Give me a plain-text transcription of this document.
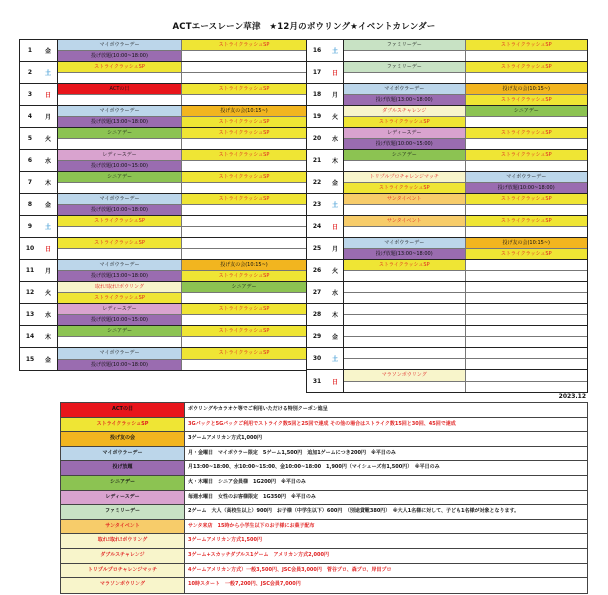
ACTエースレーン草津　★12月のボウリング★イベントカレンダー
1	金
マイボウラーデー	ストライクラッシュSP
投げ放題(10:00~18:00)
2	土
ストライクラッシュSP
3	日
ACTの日	ストライクラッシュSP
4	月
マイボウラーデー	投げ友の会(10:15~)
投げ放題(13:00~18:00)	ストライクラッシュSP
5	火
シニアデー	ストライクラッシュSP
6	水
レディースデー	ストライクラッシュSP
投げ放題(10:00~15:00)
7	木
シニアデー	ストライクラッシュSP
8	金
マイボウラーデー	ストライクラッシュSP
投げ放題(10:00~18:00)
9	土
ストライクラッシュSP
10	日
ストライクラッシュSP
11	月
マイボウラーデー	投げ友の会(10:15~)
投げ放題(13:00~18:00)	ストライクラッシュSP
12	火
取れ!取れ!ボウリング	シニアデー
ストライクラッシュSP
13	水
レディースデー	ストライクラッシュSP
投げ放題(10:00~15:00)
14	木
シニアデー	ストライクラッシュSP
15	金
マイボウラーデー	ストライクラッシュSP
投げ放題(10:00~18:00)
16	土
ファミリーデー	ストライクラッシュSP
17	日
ファミリーデー	ストライクラッシュSP
18	月
マイボウラーデー	投げ友の会(10:15~)
投げ放題(13:00~18:00)	ストライクラッシュSP
19	火
ダブルスチャレンジ	シニアデー
ストライクラッシュSP
20	水
レディースデー	ストライクラッシュSP
投げ放題(10:00~15:00)
21	木
シニアデー	ストライクラッシュSP
22	金
トリプルプロチャレンジマッチ	マイボウラーデー
ストライクラッシュSP	投げ放題(10:00~18:00)
23	土
サンタイベント	ストライクラッシュSP
24	日
サンタイベント	ストライクラッシュSP
25	月
マイボウラーデー	投げ友の会(10:15~)
投げ放題(13:00~18:00)	ストライクラッシュSP
26	火
ストライクラッシュSP
27	水
28	木
29	金
30	土
31	日
マラソンボウリング
2023.12
ACTの日	ボウリングやカラオケ等でご利用いただける特別クーポン進呈
ストライクラッシュSP	3Gパックと5Gパックご利用でストライク数5回と25回で達成 その他の場合はストライク数15回と30回、45回で達成
投げ友の会	3ゲームアメリカン方式1,000円
マイボウラーデー	月・金曜日　マイボウラー限定　5ゲーム1,500円　追加1ゲームにつき200円　※平日のみ
投げ放題	月13:00~18:00、水10:00~15:00、金10:00~18:00　1,900円（マイシューズ有1,500円）　※平日のみ
シニアデー	火・木曜日　シニア会員様　1G200円　※平日のみ
レディースデー	毎週水曜日　女性のお客様限定　1G350円　※平日のみ
ファミリーデー	2ゲーム　大人（高校生以上）900円　お子様（中学生以下）600円　（別途貸靴380円）　※大人1名様に対して、子ども1名様が対象となります。
サンタイベント	サンタ来店　15時から小学生以下のお子様にお菓子配布
取れ!取れ!ボウリング	3ゲームアメリカン方式1,500円
ダブルスチャレンジ	3ゲーム+スカッチダブルス1ゲーム　アメリカン方式2,000円
トリプルプロチャレンジマッチ	4ゲームアメリカン方式）一般3,500円、JSC会員3,000円　菅谷プロ、森プロ、岸田プロ
マラソンボウリング	10時スタート　一般7,200円、JSC会員7,000円
